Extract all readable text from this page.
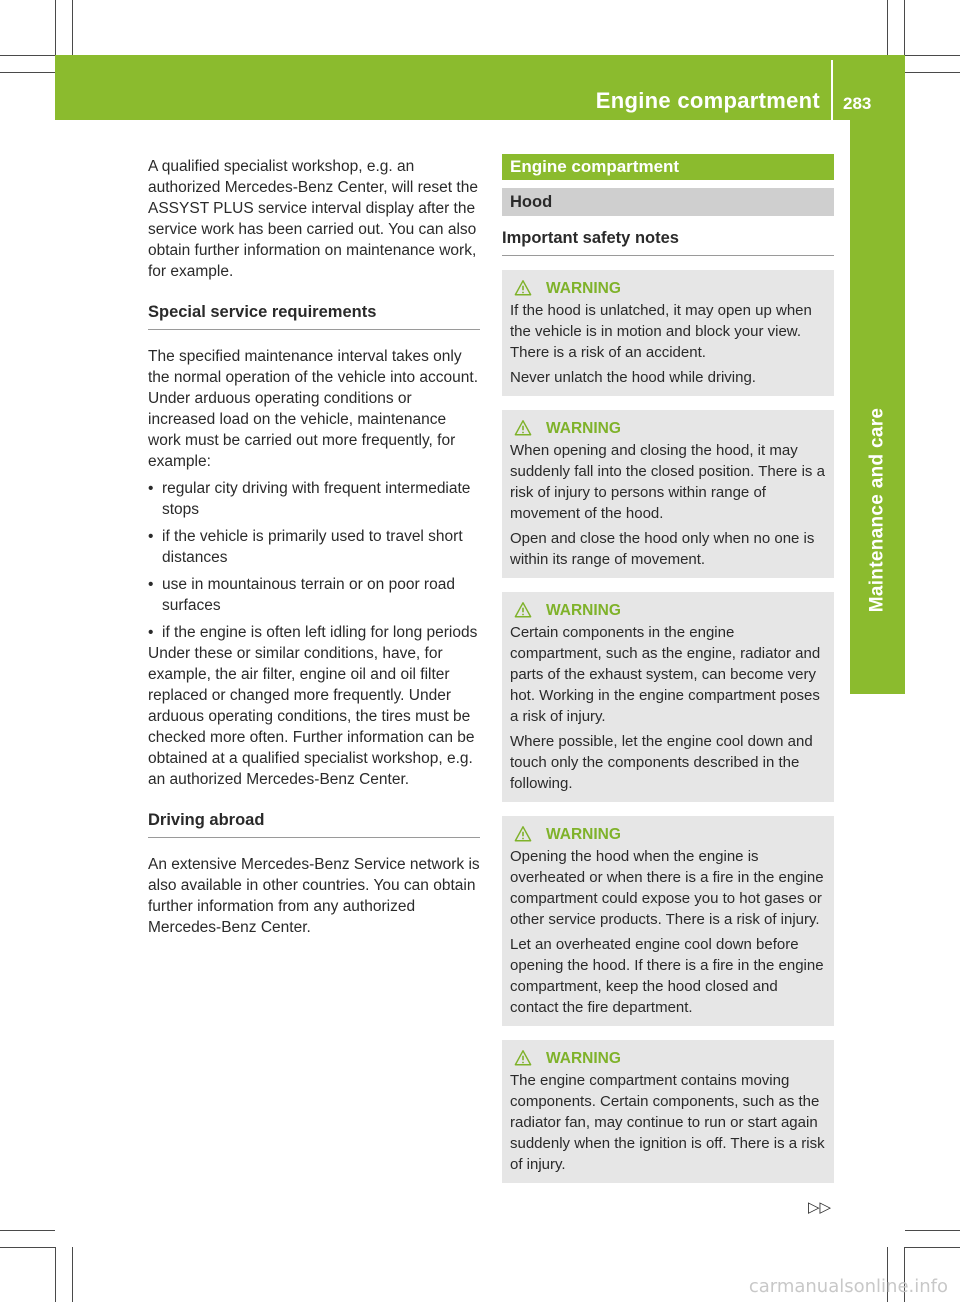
Engine compartment 283
Maintenance and care

A qualified specialist workshop, e.g. an authorized Mercedes-Benz Center, will reset the ASSYST PLUS service interval display after the service work has been carried out. You can also obtain further information on maintenance work, for example.

Special service requirements

The specified maintenance interval takes only the normal operation of the vehicle into account. Under arduous operating conditions or increased load on the vehicle, maintenance work must be carried out more frequently, for example:

• regular city driving with frequent intermediate stops
• if the vehicle is primarily used to travel short distances
• use in mountainous terrain or on poor road surfaces
• if the engine is often left idling for long periods

Under these or similar conditions, have, for example, the air filter, engine oil and oil filter replaced or changed more frequently. Under arduous operating conditions, the tires must be checked more often. Further information can be obtained at a qualified specialist workshop, e.g. an authorized Mercedes-Benz Center.

Driving abroad

An extensive Mercedes-Benz Service network is also available in other countries. You can obtain further information from any authorized Mercedes-Benz Center.

Engine compartment
Hood
Important safety notes
WARNING

If the hood is unlatched, it may open up when the vehicle is in motion and block your view. There is a risk of an accident.

Never unlatch the hood while driving.

WARNING

When opening and closing the hood, it may suddenly fall into the closed position. There is a risk of injury to persons within range of movement of the hood.

Open and close the hood only when no one is within its range of movement.

WARNING

Certain components in the engine compartment, such as the engine, radiator and parts of the exhaust system, can become very hot. Working in the engine compartment poses a risk of injury.

Where possible, let the engine cool down and touch only the components described in the following.

WARNING

Opening the hood when the engine is overheated or when there is a fire in the engine compartment could expose you to hot gases or other service products. There is a risk of injury.

Let an overheated engine cool down before opening the hood. If there is a fire in the engine compartment, keep the hood closed and contact the fire department.

WARNING

The engine compartment contains moving components. Certain components, such as the radiator fan, may continue to run or start again suddenly when the ignition is off. There is a risk of injury.

▷▷
carmanualsonline.info
